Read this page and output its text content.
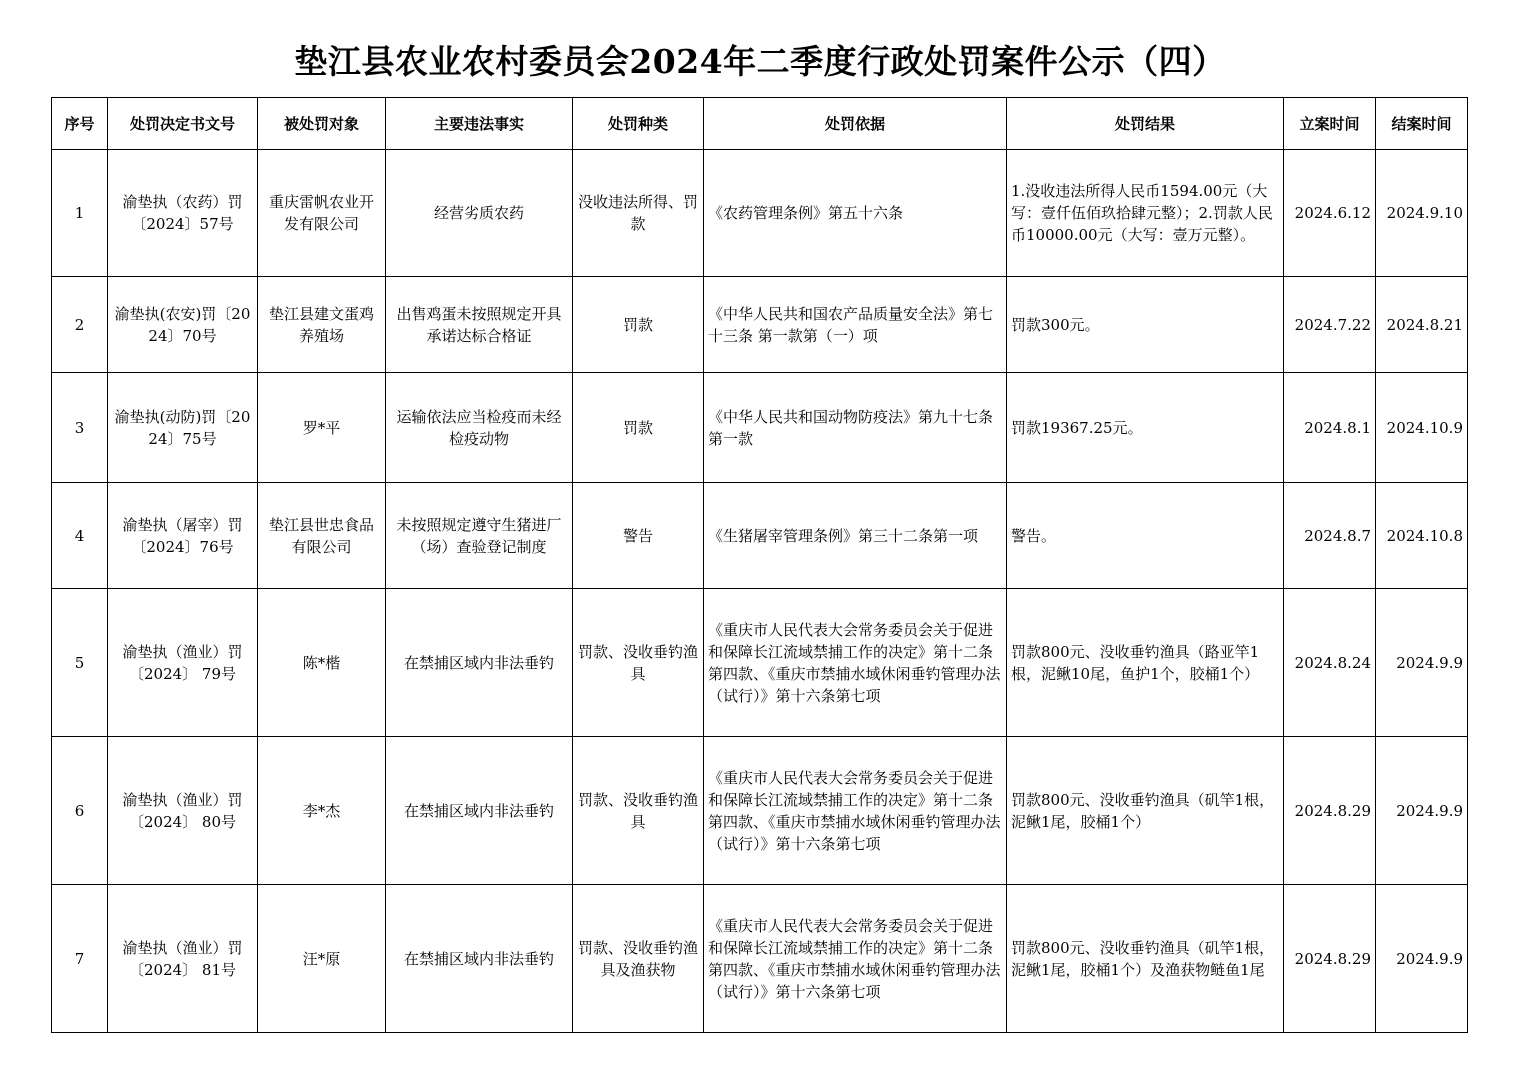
垫江县农业农村委员会2024年二季度行政处罚案件公示（四）
序号	处罚决定书文号	被处罚对象	主要违法事实	处罚种类	处罚依据	处罚结果	立案时间	结案时间
1	渝垫执（农药）罚〔2024〕57号	重庆雷帆农业开发有限公司	经营劣质农药	没收违法所得、罚款	《农药管理条例》第五十六条	1.没收违法所得人民币1594.00元（大写：壹仟伍佰玖拾肆元整）；2.罚款人民币10000.00元（大写：壹万元整）。	2024.6.12	2024.9.10
2	渝垫执(农安)罚〔2024〕70号	垫江县建文蛋鸡养殖场	出售鸡蛋未按照规定开具承诺达标合格证	罚款	《中华人民共和国农产品质量安全法》第七十三条 第一款第（一）项	罚款300元。	2024.7.22	2024.8.21
3	渝垫执(动防)罚〔2024〕75号	罗*平	运输依法应当检疫而未经检疫动物	罚款	《中华人民共和国动物防疫法》第九十七条第一款	罚款19367.25元。	2024.8.1	2024.10.9
4	渝垫执（屠宰）罚〔2024〕76号	垫江县世忠食品有限公司	未按照规定遵守生猪进厂（场）查验登记制度	警告	《生猪屠宰管理条例》第三十二条第一项	警告。	2024.8.7	2024.10.8
5	渝垫执（渔业）罚〔2024〕 79号	陈*楷	在禁捕区域内非法垂钓	罚款、没收垂钓渔具	《重庆市人民代表大会常务委员会关于促进和保障长江流域禁捕工作的决定》第十二条第四款、《重庆市禁捕水域休闲垂钓管理办法（试行）》第十六条第七项	罚款800元、没收垂钓渔具（路亚竿1根，泥鳅10尾，鱼护1个，胶桶1个）	2024.8.24	2024.9.9
6	渝垫执（渔业）罚〔2024〕 80号	李*杰	在禁捕区域内非法垂钓	罚款、没收垂钓渔具	《重庆市人民代表大会常务委员会关于促进和保障长江流域禁捕工作的决定》第十二条第四款、《重庆市禁捕水域休闲垂钓管理办法（试行）》第十六条第七项	罚款800元、没收垂钓渔具（矶竿1根，泥鳅1尾，胶桶1个）	2024.8.29	2024.9.9
7	渝垫执（渔业）罚〔2024〕 81号	汪*原	在禁捕区域内非法垂钓	罚款、没收垂钓渔具及渔获物	《重庆市人民代表大会常务委员会关于促进和保障长江流域禁捕工作的决定》第十二条第四款、《重庆市禁捕水域休闲垂钓管理办法（试行）》第十六条第七项	罚款800元、没收垂钓渔具（矶竿1根，泥鳅1尾，胶桶1个）及渔获物鲢鱼1尾	2024.8.29	2024.9.9
